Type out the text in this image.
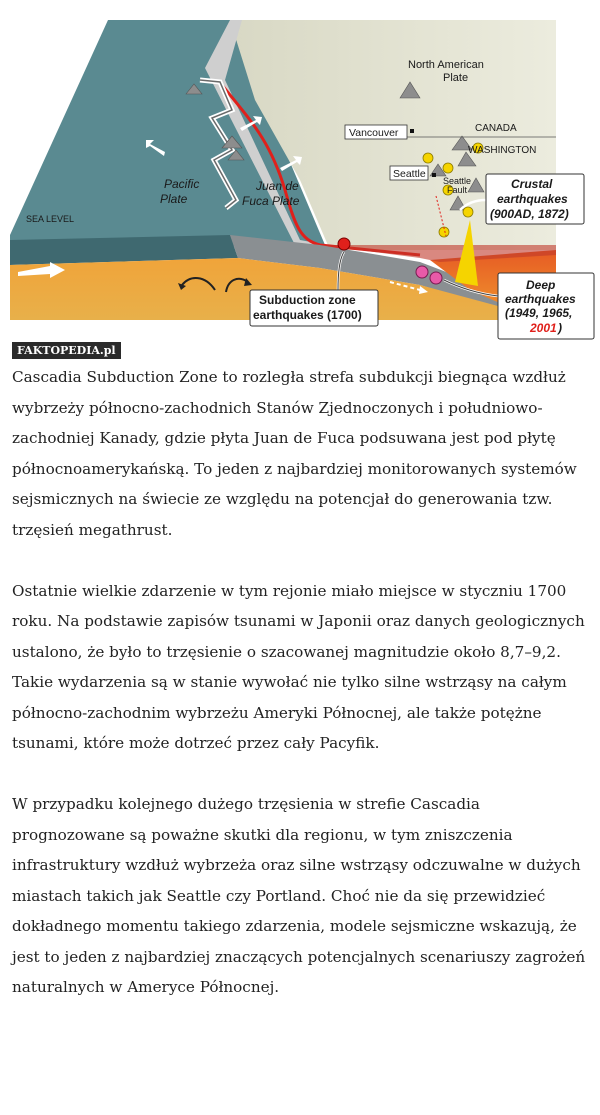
North American
Plate
CANADA
WASHINGTON
Vancouver
Seattle
Seattle
Fault
Pacific
Plate
Juan de
Fuca Plate
SEA LEVEL
Crustal
earthquakes
(900AD, 1872)
Deep
earthquakes
(1949, 1965,
2001 )
Subduction zone
earthquakes (1700)
FAKTOPEDIA.pl

Cascadia Subduction Zone to rozległa strefa subdukcji biegnąca wzdłuż wybrzeży północno-zachodnich Stanów Zjednoczonych i południowo-zachodniej Kanady, gdzie płyta Juan de Fuca podsuwana jest pod płytę północnoamerykańską. To jeden z najbardziej monitorowanych systemów sejsmicznych na świecie ze względu na potencjał do generowania tzw. trzęsień megathrust.

Ostatnie wielkie zdarzenie w tym rejonie miało miejsce w styczniu 1700 roku. Na podstawie zapisów tsunami w Japonii oraz danych geologicznych ustalono, że było to trzęsienie o szacowanej magnitudzie około 8,7–9,2. Takie wydarzenia są w stanie wywołać nie tylko silne wstrząsy na całym północno-zachodnim wybrzeżu Ameryki Północnej, ale także potężne tsunami, które może dotrzeć przez cały Pacyfik.

W przypadku kolejnego dużego trzęsienia w strefie Cascadia prognozowane są poważne skutki dla regionu, w tym zniszczenia infrastruktury wzdłuż wybrzeża oraz silne wstrząsy odczuwalne w dużych miastach takich jak Seattle czy Portland. Choć nie da się przewidzieć dokładnego momentu takiego zdarzenia, modele sejsmiczne wskazują, że jest to jeden z najbardziej znaczących potencjalnych scenariuszy zagrożeń naturalnych w Ameryce Północnej.
